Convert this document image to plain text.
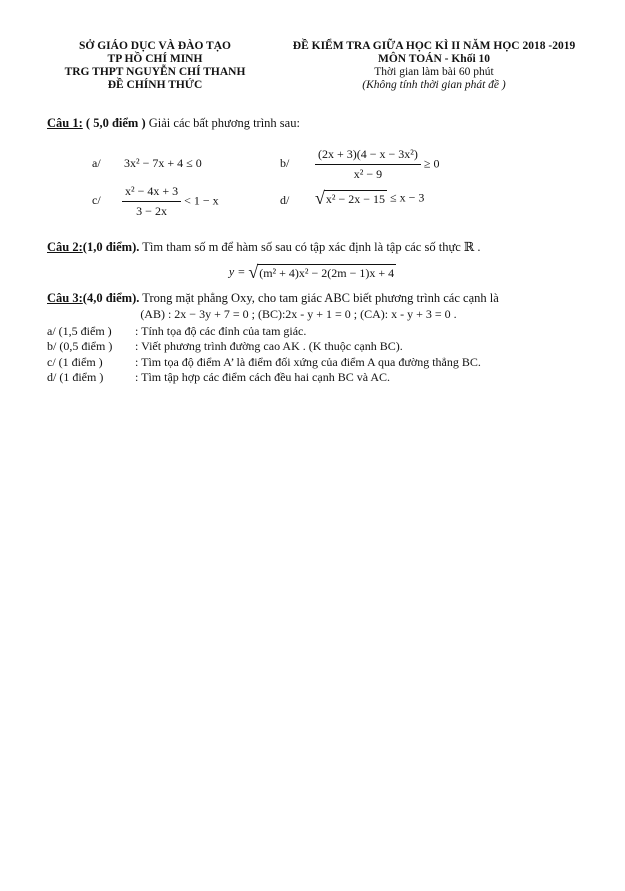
SỞ GIÁO DỤC VÀ ĐÀO TẠO
TP HỒ CHÍ MINH
TRG THPT NGUYỄN CHÍ THANH
ĐỀ CHÍNH THỨC
ĐỀ KIỂM TRA GIỮA HỌC KÌ II NĂM HỌC 2018 -2019
MÔN TOÁN - Khối 10
Thời gian làm bài 60 phút
(Không tính thời gian phát đề )
Câu 1: ( 5,0 điểm ) Giải các bất phương trình sau:
a/ 3x² − 7x + 4 ≤ 0	$b/ \frac{\text{(2x + 3)(4 − x − 3x²)}}{\text{x² − 9}} \ge 0$
$c/ \frac{\text{x² − 4x + 3}}{3 - 2x} < 1 - x$	d/ √ x² − 2x − 15 ≤ x − 3
Câu 2:(1,0 điểm). Tìm tham số m để hàm số sau có tập xác định là tập các số thực ℝ .
y = √ (m² + 4)x² − 2(2m − 1)x + 4
Câu 3:(4,0 điểm). Trong mặt phẳng Oxy, cho tam giác ABC biết phương trình các cạnh là
(AB) : 2x − 3y + 7 = 0 ; (BC):2x - y + 1 = 0 ; (CA): x - y + 3 = 0 .
a/ (1,5 điểm ) : Tính tọa độ các đỉnh của tam giác.
b/ (0,5 điểm ) : Viết phương trình đường cao AK . (K thuộc cạnh BC).
c/ (1 điểm )	: Tìm tọa độ điểm A’ là điểm đối xứng của điểm A qua đường thẳng BC.
d/ (1 điểm )	: Tìm tập hợp các điểm cách đều hai cạnh BC và AC.
